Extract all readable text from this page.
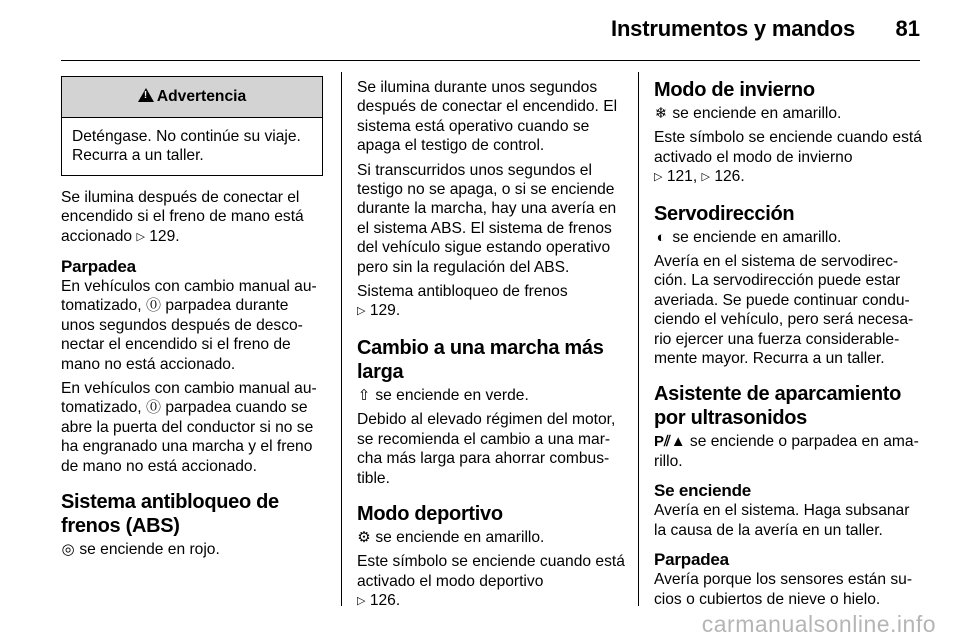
Instrumentos y mandos 81
!Advertencia
Deténgase. No continúe su viaje. Recurra a un taller.

Se ilumina después de conectar el encendido si el freno de mano está accionado ▷ 129.

Parpadea

En vehículos con cambio manual au-tomatizado, ⓪ parpadea durante unos segundos después de desco-nectar el encendido si el freno de mano no está accionado.

En vehículos con cambio manual au-tomatizado, ⓪ parpadea cuando se abre la puerta del conductor si no se ha engranado una marcha y el freno de mano no está accionado.

Sistema antibloqueo de frenos (ABS)

◎ se enciende en rojo.

Se ilumina durante unos segundos después de conectar el encendido. El sistema está operativo cuando se apaga el testigo de control.

Si transcurridos unos segundos el testigo no se apaga, o si se enciende durante la marcha, hay una avería en el sistema ABS. El sistema de frenos del vehículo sigue estando operativo pero sin la regulación del ABS.

Sistema antibloqueo de frenos
▷ 129.

Cambio a una marcha más larga

⇧ se enciende en verde.

Debido al elevado régimen del motor, se recomienda el cambio a una mar-cha más larga para ahorrar combus-tible.

Modo deportivo

⚙ se enciende en amarillo.

Este símbolo se enciende cuando está activado el modo deportivo
▷ 126.

Modo de invierno

❄ se enciende en amarillo.

Este símbolo se enciende cuando está activado el modo de invierno
▷ 121, ▷ 126.

Servodirección

◐ se enciende en amarillo.

Avería en el sistema de servodirec-ción. La servodirección puede estar averiada. Se puede continuar condu-ciendo el vehículo, pero será necesa-rio ejercer una fuerza considerable-mente mayor. Recurra a un taller.

Asistente de aparcamiento por ultrasonidos

P⫽▲ se enciende o parpadea en ama-rillo.

Se enciende

Avería en el sistema. Haga subsanar la causa de la avería en un taller.

Parpadea

Avería porque los sensores están su-cios o cubiertos de nieve o hielo.

carmanualsonline.info
